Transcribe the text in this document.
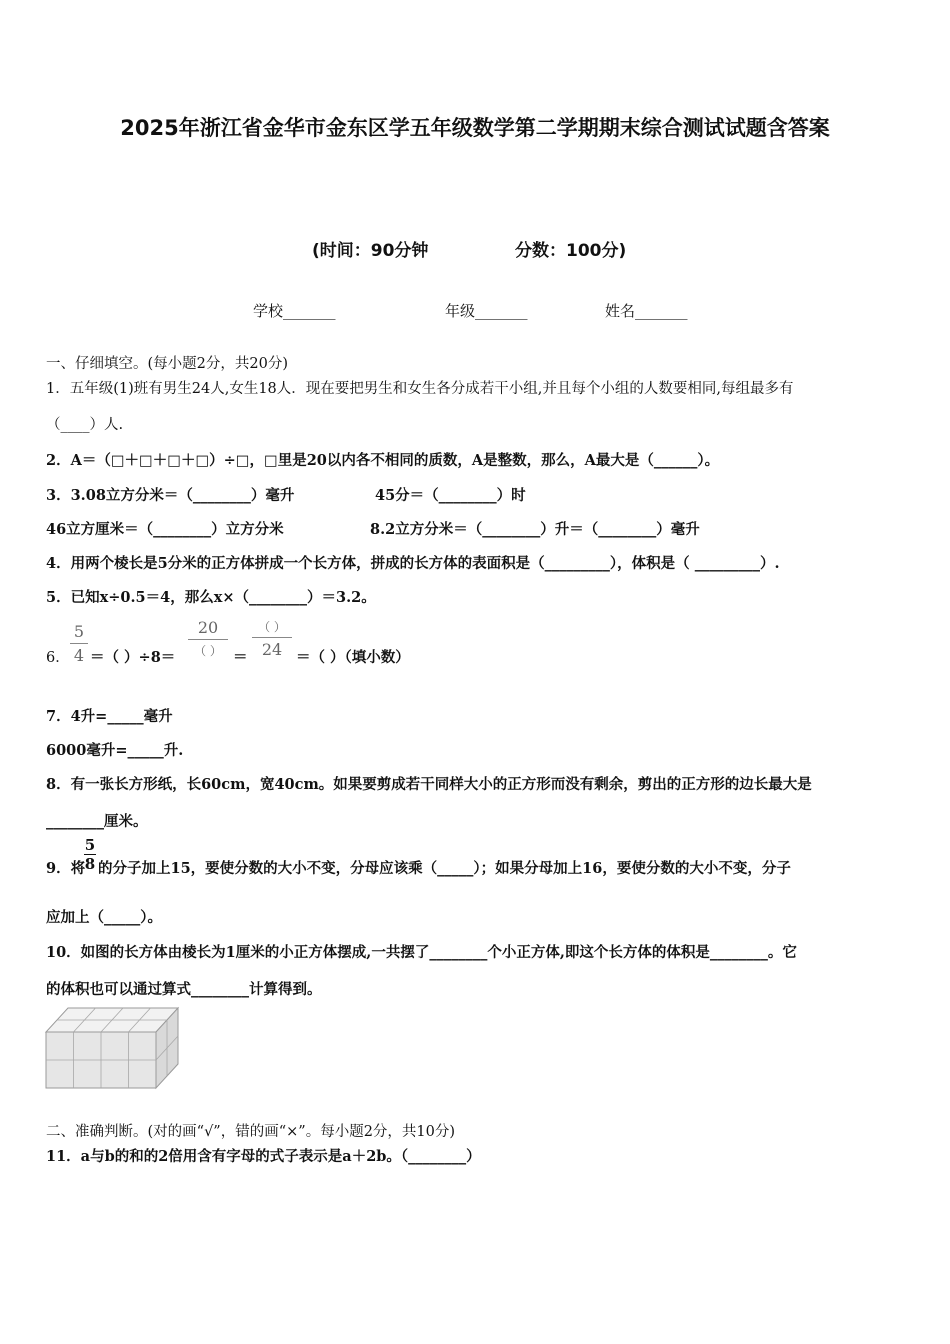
2025年浙江省金华市金东区学五年级数学第二学期期末综合测试试题含答案
(时间：90分钟	分数：100分)
学校_______	年级_______	姓名_______
一、仔细填空。(每小题2分，共20分)
1．五年级(1)班有男生24人,女生18人．现在要把男生和女生各分成若干小组,并且每个小组的人数要相同,每组最多有
（____）人.
2．A＝（□＋□＋□＋□）÷□，□里是20以内各不相同的质数，A是整数，那么，A最大是（______）。
3．3.08立方分米＝（________）毫升	45分＝（________）时
46立方厘米＝（________）立方分米	8.2立方分米＝（________）升＝（________）毫升
4．用两个棱长是5分米的正方体拼成一个长方体，拼成的长方体的表面积是（_________），体积是（ _________）.
5．已知x÷0.5＝4，那么x×（________）＝3.2。
6．
5
4 ＝（ ）÷8＝
20
（ ） ＝
（ ）
24 ＝（ ）（填小数）
7．4升=_____毫升
6000毫升=_____升.
8．有一张长方形纸，长60cm，宽40cm。如果要剪成若干同样大小的正方形而没有剩余，剪出的正方形的边长最大是
________厘米。
9．将
5
8 的分子加上15，要使分数的大小不变，分母应该乘（_____）；如果分母加上16，要使分数的大小不变，分子
应加上（_____）。
10．如图的长方体由棱长为1厘米的小正方体摆成,一共摆了________个小正方体,即这个长方体的体积是________。它
的体积也可以通过算式________计算得到。
二、准确判断。(对的画“√”，错的画“×”。每小题2分，共10分)
11．a与b的和的2倍用含有字母的式子表示是a＋2b。（________）
